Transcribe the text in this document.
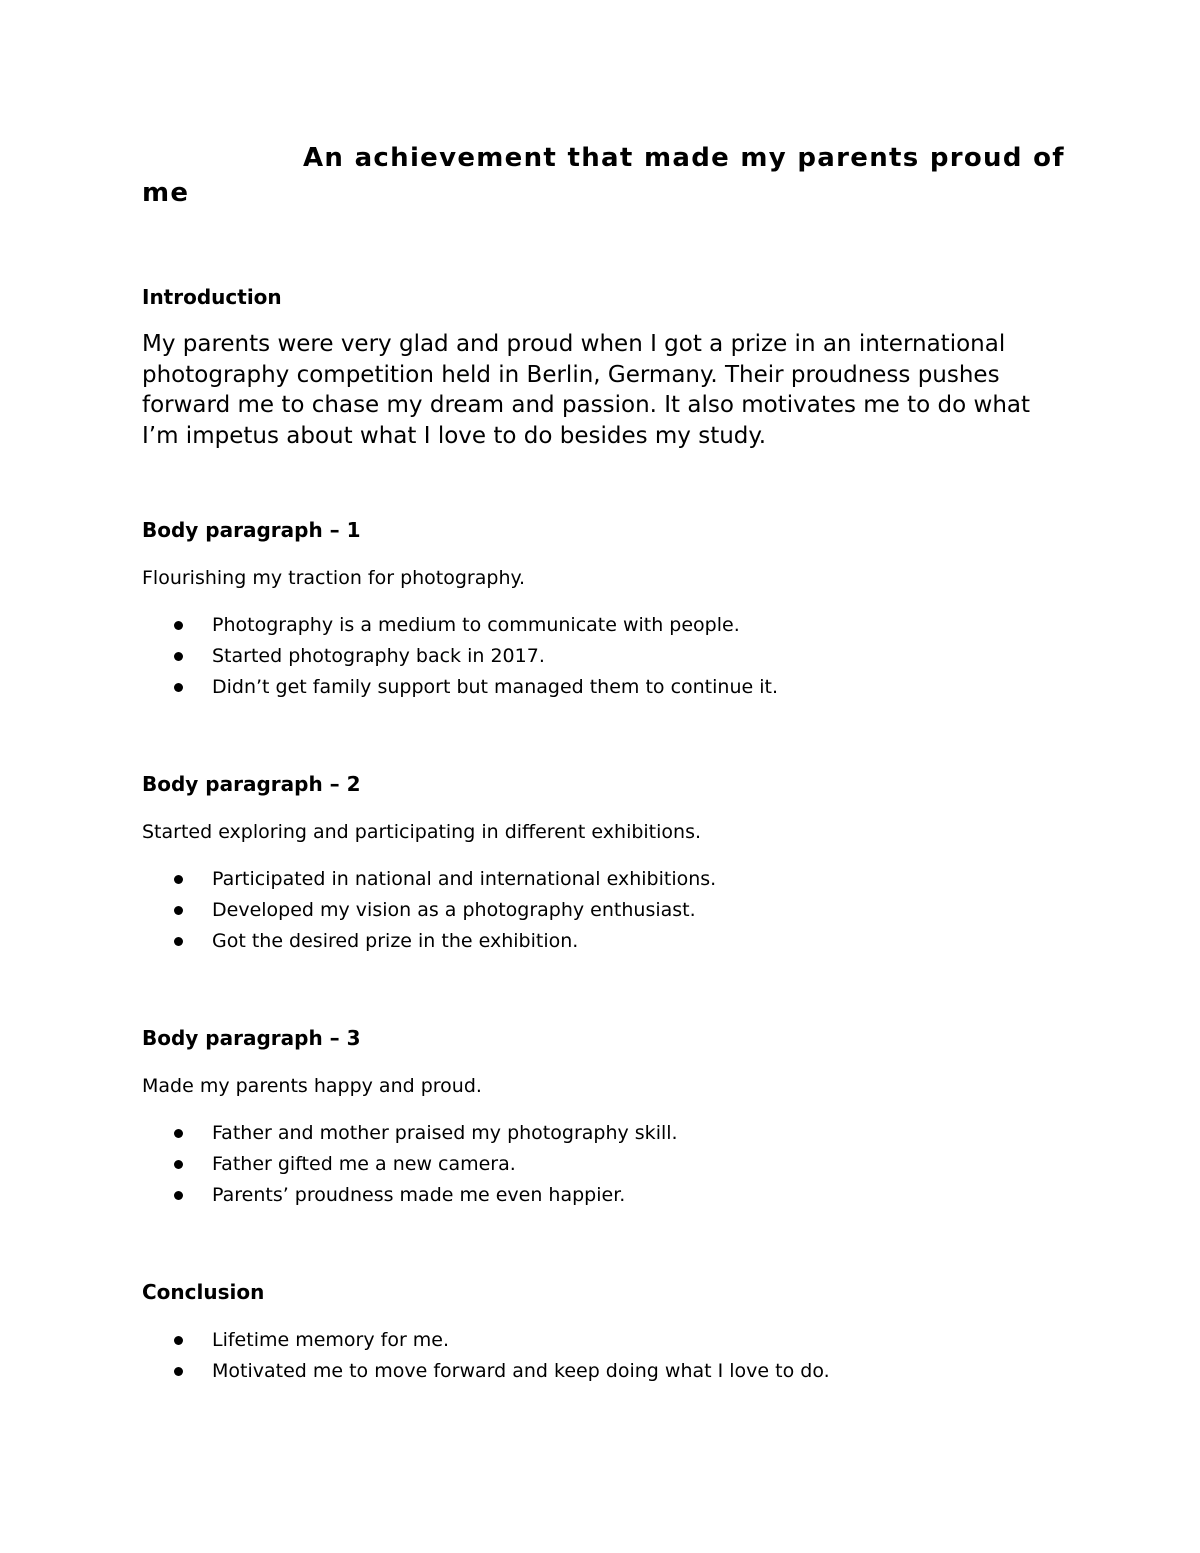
An achievement that made my parents proud of me
Introduction

My parents were very glad and proud when I got a prize in an international photography competition held in Berlin, Germany. Their proudness pushes forward me to chase my dream and passion. It also motivates me to do what I’m impetus about what I love to do besides my study.

Body paragraph – 1

Flourishing my traction for photography.

Photography is a medium to communicate with people.
Started photography back in 2017.
Didn’t get family support but managed them to continue it.
Body paragraph – 2

Started exploring and participating in different exhibitions.

Participated in national and international exhibitions.
Developed my vision as a photography enthusiast.
Got the desired prize in the exhibition.
Body paragraph – 3

Made my parents happy and proud.

Father and mother praised my photography skill.
Father gifted me a new camera.
Parents’ proudness made me even happier.
Conclusion
Lifetime memory for me.
Motivated me to move forward and keep doing what I love to do.
